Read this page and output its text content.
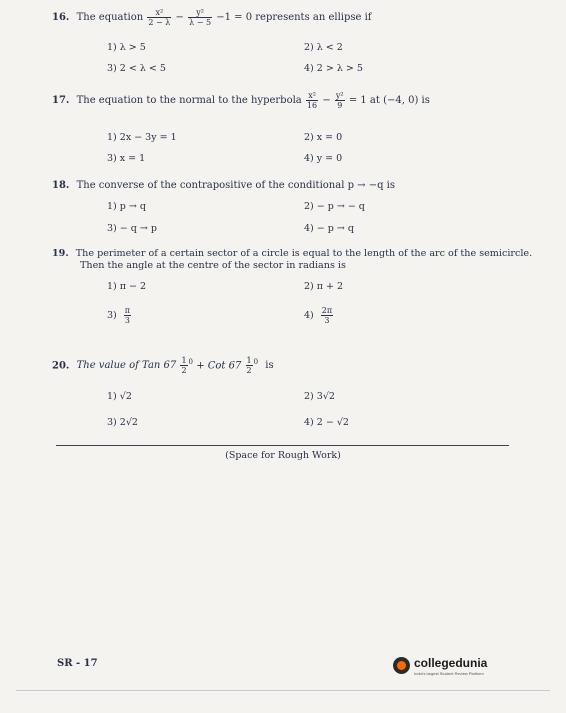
16. The equation $\frac{\text{x²}}{2 - \lambda} - \frac{\text{y²}}{\lambda - 5} -1 = 0$ represents an ellipse if
1) λ > 5	2) λ < 2
3) 2 < λ < 5	4) 2 > λ > 5
17. The equation to the normal to the hyperbola $\frac{\text{x²}}{16} - \frac{\text{y²}}{9} = 1$ at (−4, 0) is
1) 2x − 3y = 1	2) x = 0
3) x = 1	4) y = 0
18. The converse of the contrapositive of the conditional p → −q is
1) p → q	2) − p → − q
3) − q → p	4) − p → q
19. The perimeter of a certain sector of a circle is equal to the length of the arc of the semicircle.
Then the angle at the centre of the sector in radians is
1) π − 2	2) π + 2
$3) \frac{\pi}{3}$	$4) \frac{2\pi}{3}$
20. The value of Tan $67 \frac{1}{2} ^0$ + Cot $67 \frac{1}{2} ^0$ is
1) √2	2) 3√2
3) 2√2	4) 2 − √2
(Space for Rough Work)
SR - 17	collegedunia
India's largest Student Review Platform
